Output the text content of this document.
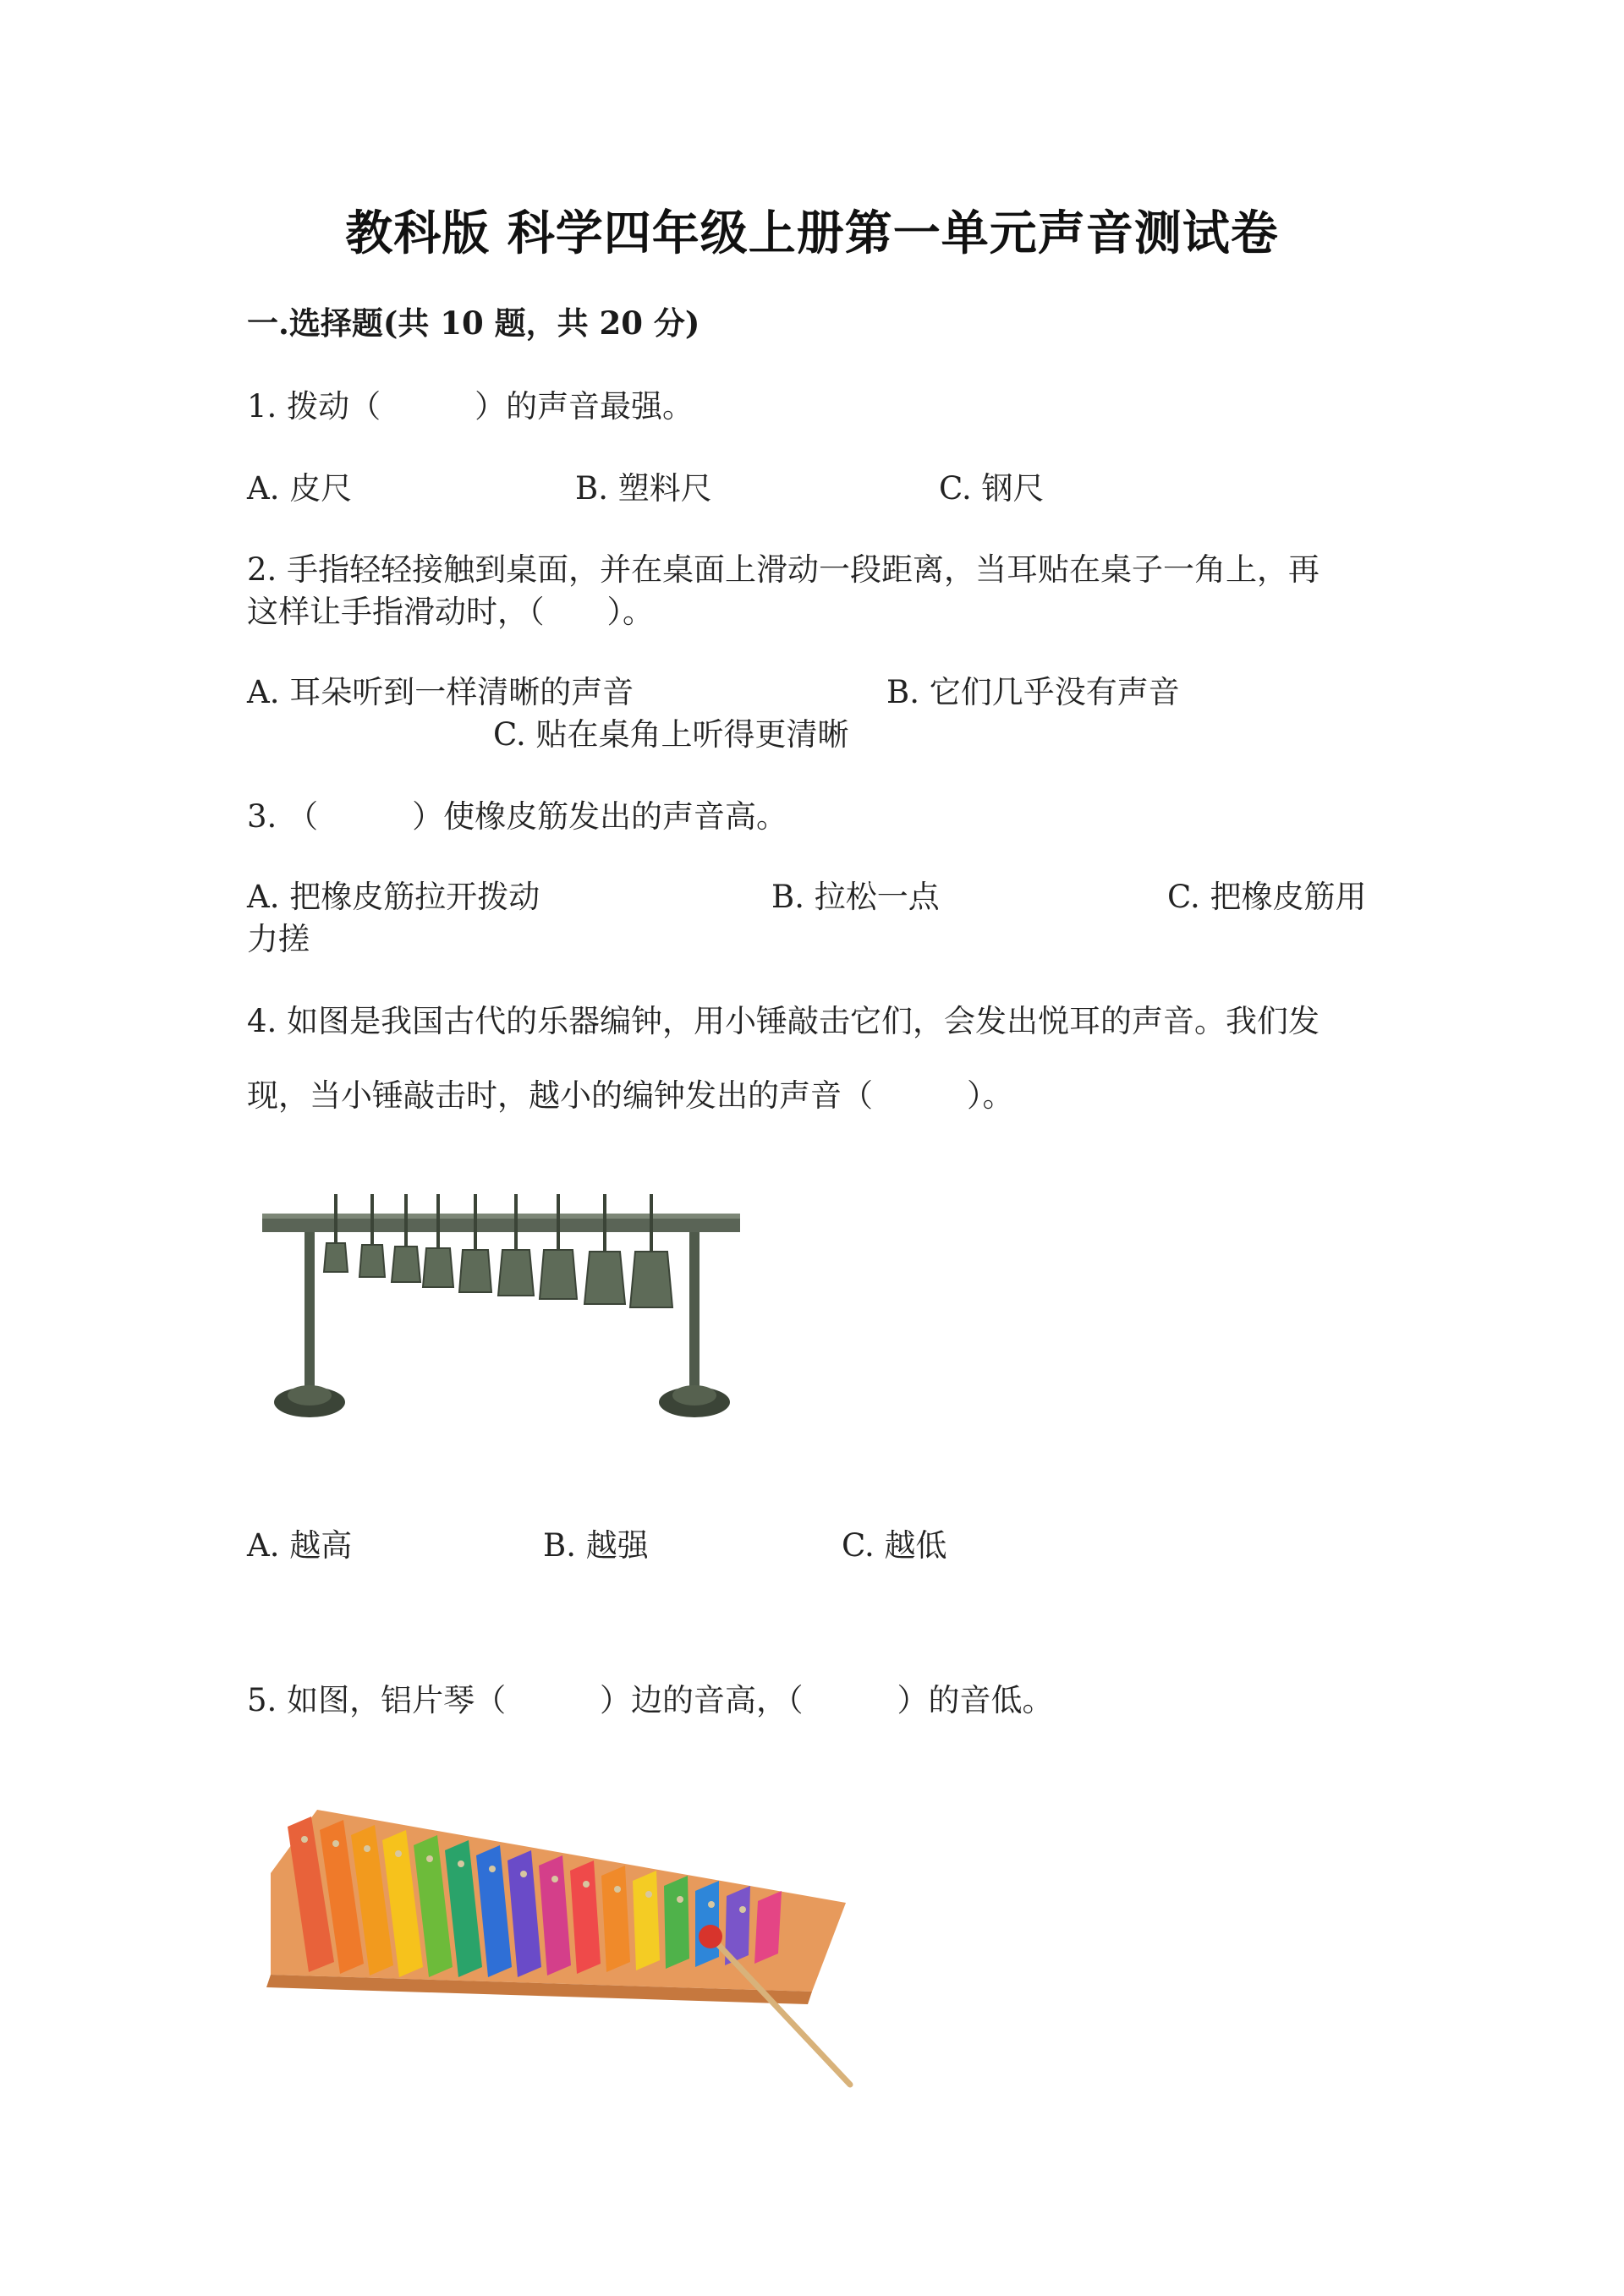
教科版 科学四年级上册第一单元声音测试卷
一.选择题(共 10 题，共 20 分)
1. 拨动（　　　）的声音最强。
A. 皮尺	B. 塑料尺	C. 钢尺
2. 手指轻轻接触到桌面，并在桌面上滑动一段距离，当耳贴在桌子一角上，再
这样让手指滑动时，（　　）。
A. 耳朵听到一样清晰的声音	B. 它们几乎没有声音
C. 贴在桌角上听得更清晰
3. （　　　）使橡皮筋发出的声音高。
A. 把橡皮筋拉开拨动	B. 拉松一点	C. 把橡皮筋用
力搓
4. 如图是我国古代的乐器编钟，用小锤敲击它们，会发出悦耳的声音。我们发
现，当小锤敲击时，越小的编钟发出的声音（　　　）。
A. 越高	B. 越强	C. 越低
5. 如图，铝片琴（　　　）边的音高，（　　　）的音低。
